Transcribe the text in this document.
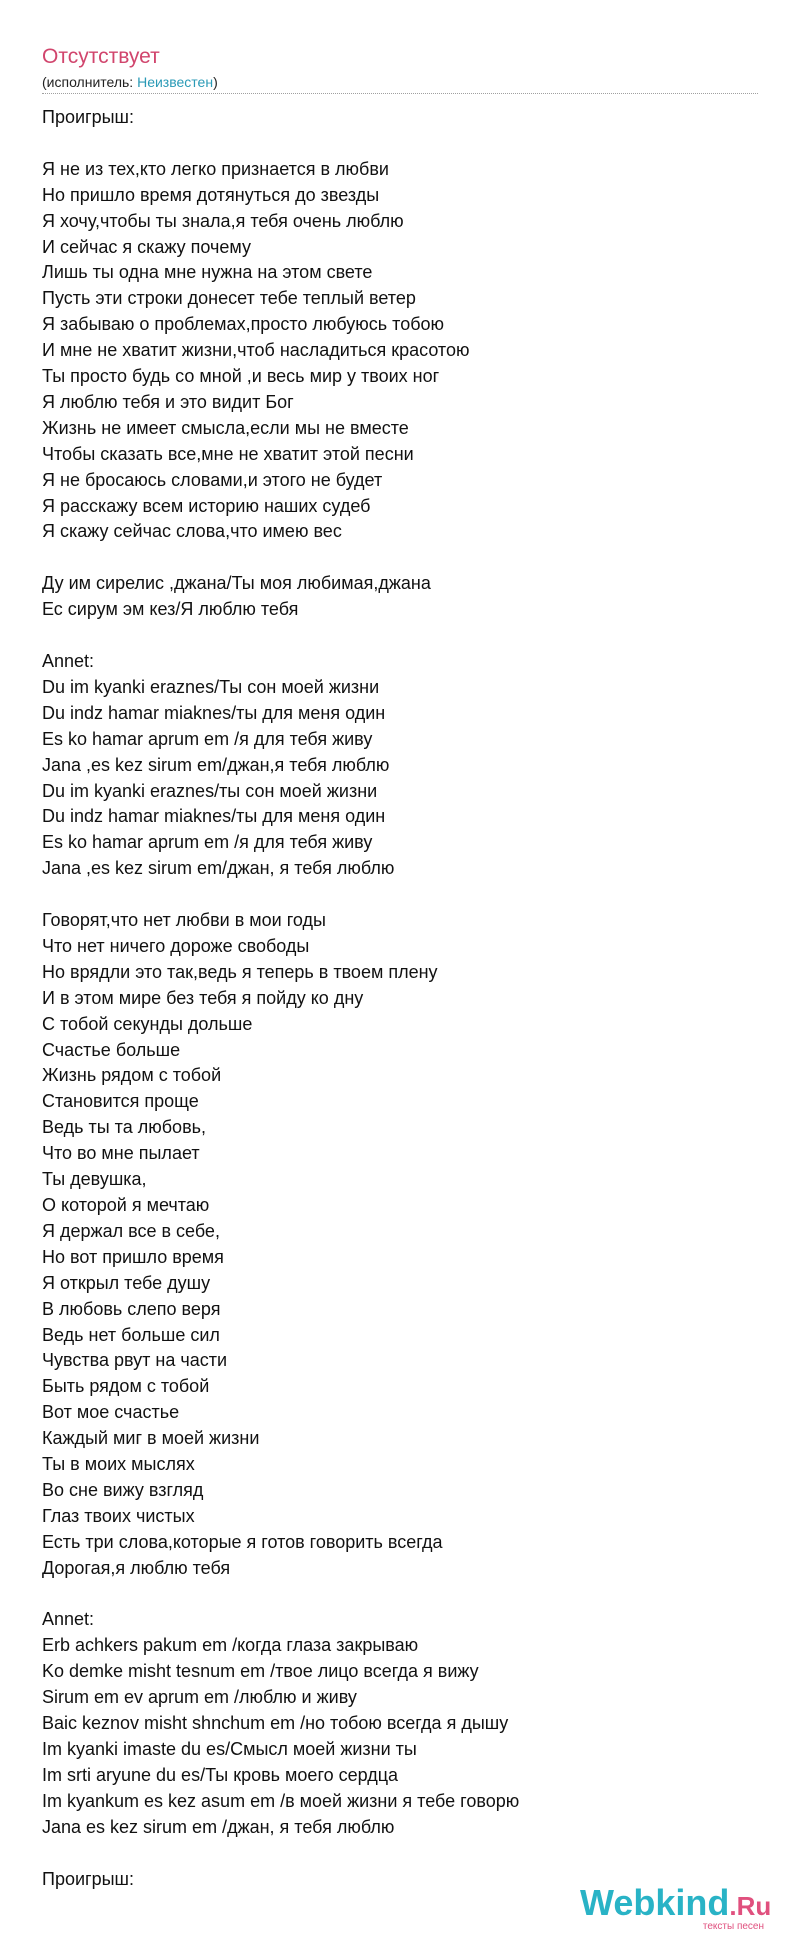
Отсутствует
(исполнитель: Неизвестен)
Проигрыш:
Я не из тех,кто легко признается в любви
Но пришло время дотянуться до звезды
Я хочу,чтобы ты знала,я тебя очень люблю
И сейчас я скажу почему
Лишь ты одна мне нужна на этом свете
Пусть эти строки донесет тебе теплый ветер
Я забываю о проблемах,просто любуюсь тобою
И мне не хватит жизни,чтоб насладиться красотою
Ты просто будь со мной ,и весь мир у твоих ног
Я люблю тебя и это видит Бог
Жизнь не имеет смысла,если мы не вместе
Чтобы сказать все,мне не хватит этой песни
Я не бросаюсь словами,и этого не будет
Я расскажу всем историю наших судеб
Я скажу сейчас слова,что имею вес
Ду им сирелис ,джана/Ты моя любимая,джана
Ес сирум эм кез/Я люблю тебя
Annet:
Du im kyanki eraznes/Ты сон моей жизни
Du indz hamar miaknes/ты для меня один
Es ko hamar aprum em /я для тебя живу
Jana ,es kez sirum em/джан,я тебя люблю
Du im kyanki eraznes/ты сон моей жизни
Du indz hamar miaknes/ты для меня один
Es ko hamar aprum em /я для тебя живу
Jana ,es kez sirum em/джан, я тебя люблю
Говорят,что нет любви в мои годы
Что нет ничего дороже свободы
Но врядли это так,ведь я теперь в твоем плену
И в этом мире без тебя я пойду ко дну
С тобой секунды дольше
Счастье больше
Жизнь рядом с тобой
Становится проще
Ведь ты та любовь,
Что во мне пылает
Ты девушка,
О которой я мечтаю
Я держал все в себе,
Но вот пришло время
Я открыл тебе душу
В любовь слепо веря
Ведь нет больше сил
Чувства рвут на части
Быть рядом с тобой
Вот мое счастье
Каждый миг в моей жизни
Ты в моих мыслях
Во сне вижу взгляд
Глаз твоих чистых
Есть три слова,которые я готов говорить всегда
Дорогая,я люблю тебя
Annet:
Erb achkers pakum em /когда глаза закрываю
Ko demke misht tesnum em /твое лицо всегда я вижу
Sirum em ev aprum em /люблю и живу
Baic keznov misht shnchum em /но тобою всегда я дышу
Im kyanki imaste du es/Смысл моей жизни ты
Im srti aryune du es/Ты кровь моего сердца
Im kyankum es kez asum em /в моей жизни я тебе говорю
Jana es kez sirum em /джан, я тебя люблю
Проигрыш:
Webkind.Ru
тексты песен
